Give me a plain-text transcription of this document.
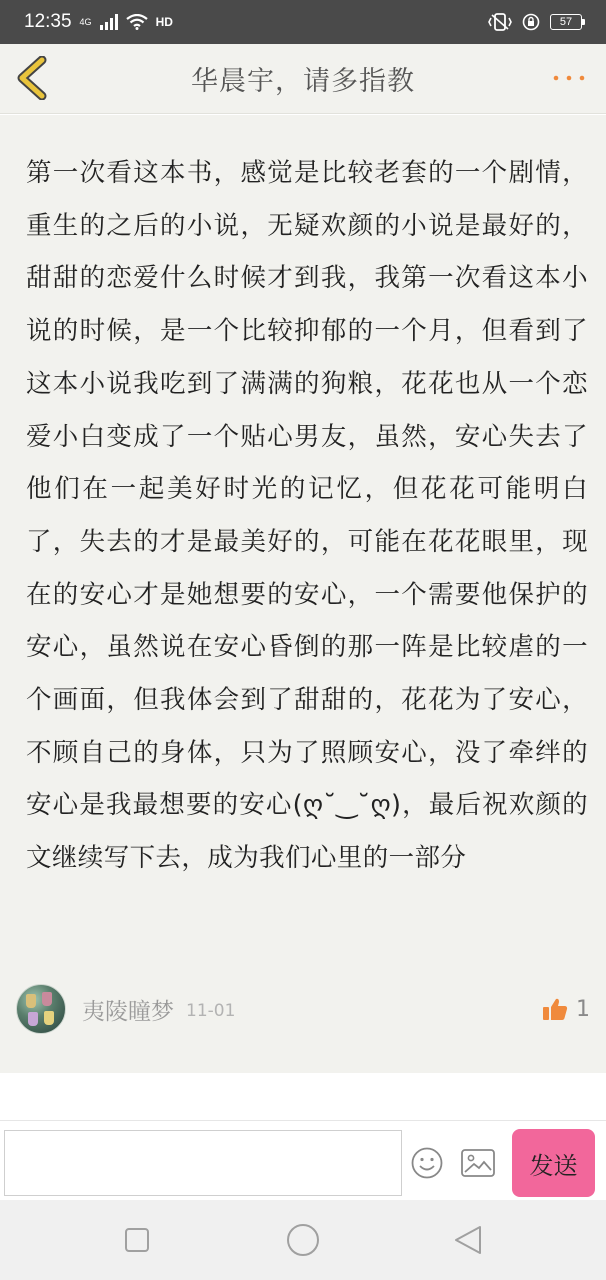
12:35 4G	HD	57
华晨宇，请多指教
第一次看这本书，感觉是比较老套的一个剧情，重生的之后的小说，无疑欢颜的小说是最好的，甜甜的恋爱什么时候才到我，我第一次看这本小说的时候，是一个比较抑郁的一个月，但看到了这本小说我吃到了满满的狗粮，花花也从一个恋爱小白变成了一个贴心男友，虽然，安心失去了他们在一起美好时光的记忆，但花花可能明白了，失去的才是最美好的，可能在花花眼里，现在的安心才是她想要的安心，一个需要他保护的安心，虽然说在安心昏倒的那一阵是比较虐的一个画面，但我体会到了甜甜的，花花为了安心，不顾自己的身体，只为了照顾安心，没了牵绊的安心是我最想要的安心(ღ˘‿˘ღ)，最后祝欢颜的文继续写下去，成为我们心里的一部分
夷陵瞳梦 11-01	1
发送
